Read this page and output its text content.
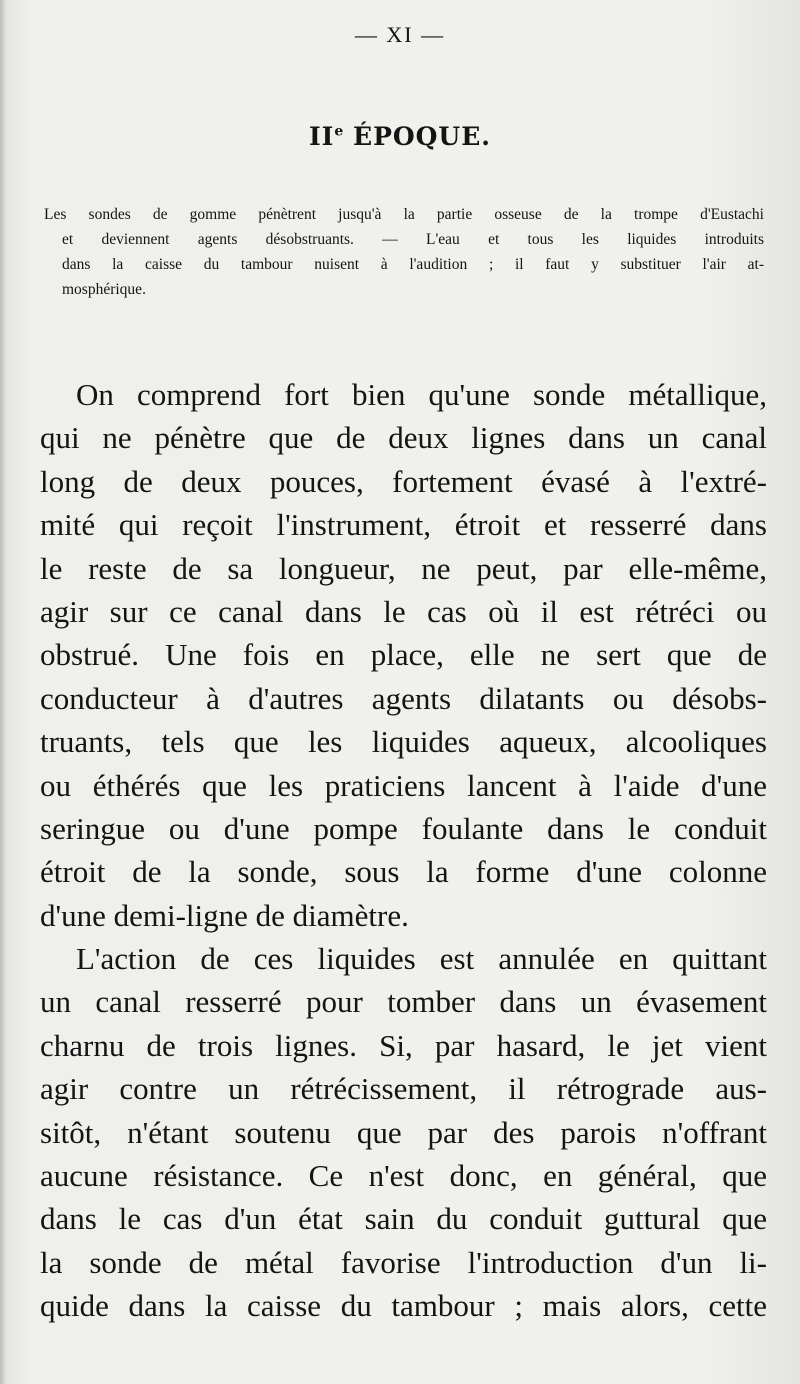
— XI —
IIe ÉPOQUE.
Les sondes de gomme pénètrent jusqu'à la partie osseuse de la trompe d'Eustachi
et deviennent agents désobstruants. — L'eau et tous les liquides introduits
dans la caisse du tambour nuisent à l'audition ; il faut y substituer l'air at-
mosphérique.
On comprend fort bien qu'une sonde métallique,
qui ne pénètre que de deux lignes dans un canal
long de deux pouces, fortement évasé à l'extré-
mité qui reçoit l'instrument, étroit et resserré dans
le reste de sa longueur, ne peut, par elle-même,
agir sur ce canal dans le cas où il est rétréci ou
obstrué. Une fois en place, elle ne sert que de
conducteur à d'autres agents dilatants ou désobs-
truants, tels que les liquides aqueux, alcooliques
ou éthérés que les praticiens lancent à l'aide d'une
seringue ou d'une pompe foulante dans le conduit
étroit de la sonde, sous la forme d'une colonne
d'une demi-ligne de diamètre.
L'action de ces liquides est annulée en quittant
un canal resserré pour tomber dans un évasement
charnu de trois lignes. Si, par hasard, le jet vient
agir contre un rétrécissement, il rétrograde aus-
sitôt, n'étant soutenu que par des parois n'offrant
aucune résistance. Ce n'est donc, en général, que
dans le cas d'un état sain du conduit guttural que
la sonde de métal favorise l'introduction d'un li-
quide dans la caisse du tambour ; mais alors, cette
